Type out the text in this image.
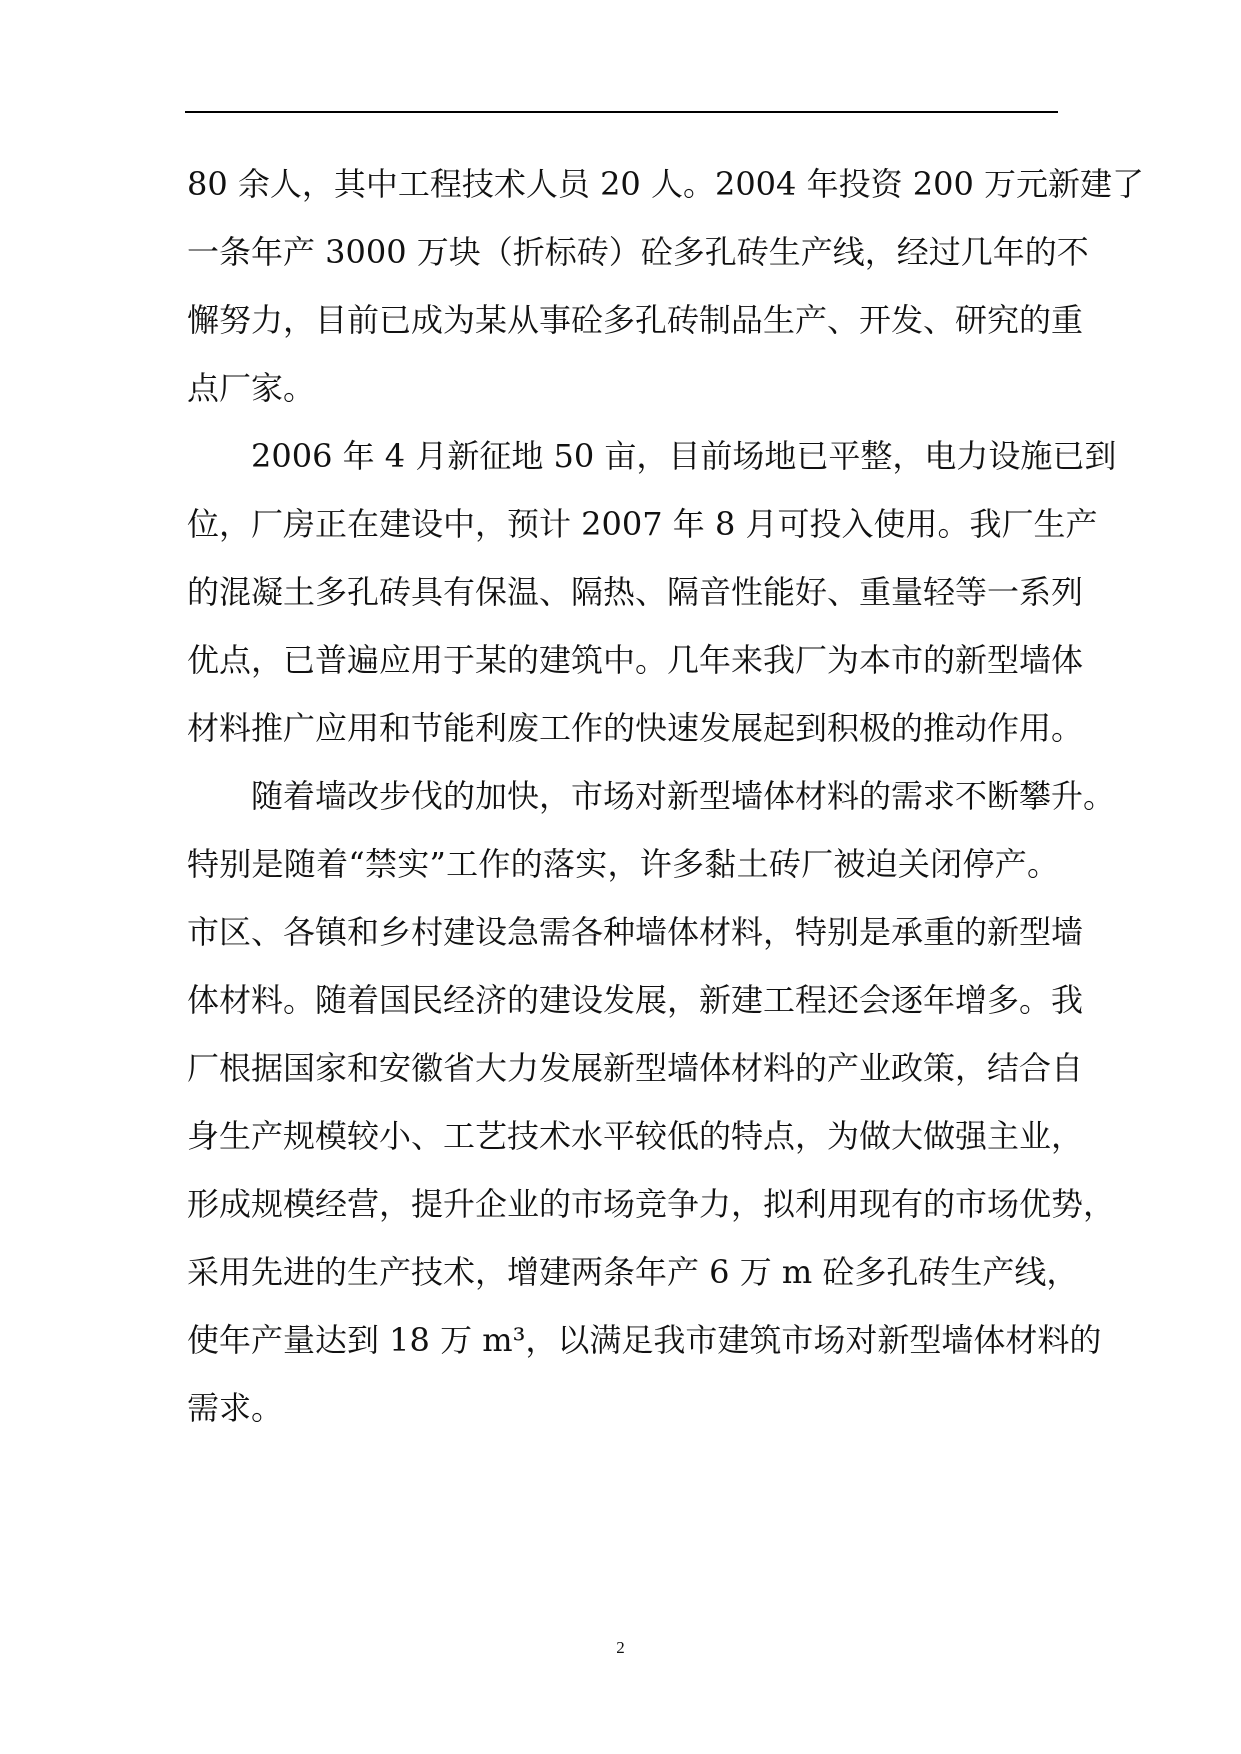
80 余人，其中工程技术人员 20 人。2004 年投资 200 万元新建了
一条年产 3000 万块（折标砖）砼多孔砖生产线，经过几年的不
懈努力，目前已成为某从事砼多孔砖制品生产、开发、研究的重
点厂家。
2006 年 4 月新征地 50 亩，目前场地已平整，电力设施已到
位，厂房正在建设中，预计 2007 年 8 月可投入使用。我厂生产
的混凝土多孔砖具有保温、隔热、隔音性能好、重量轻等一系列
优点，已普遍应用于某的建筑中。几年来我厂为本市的新型墙体
材料推广应用和节能利废工作的快速发展起到积极的推动作用。
随着墙改步伐的加快，市场对新型墙体材料的需求不断攀升。
特别是随着“禁实”工作的落实，许多黏土砖厂被迫关闭停产。
市区、各镇和乡村建设急需各种墙体材料，特别是承重的新型墙
体材料。随着国民经济的建设发展，新建工程还会逐年增多。我
厂根据国家和安徽省大力发展新型墙体材料的产业政策，结合自
身生产规模较小、工艺技术水平较低的特点，为做大做强主业，
形成规模经营，提升企业的市场竞争力，拟利用现有的市场优势，
采用先进的生产技术，增建两条年产 6 万 m 砼多孔砖生产线，
使年产量达到 18 万 m³，以满足我市建筑市场对新型墙体材料的
需求。
2
